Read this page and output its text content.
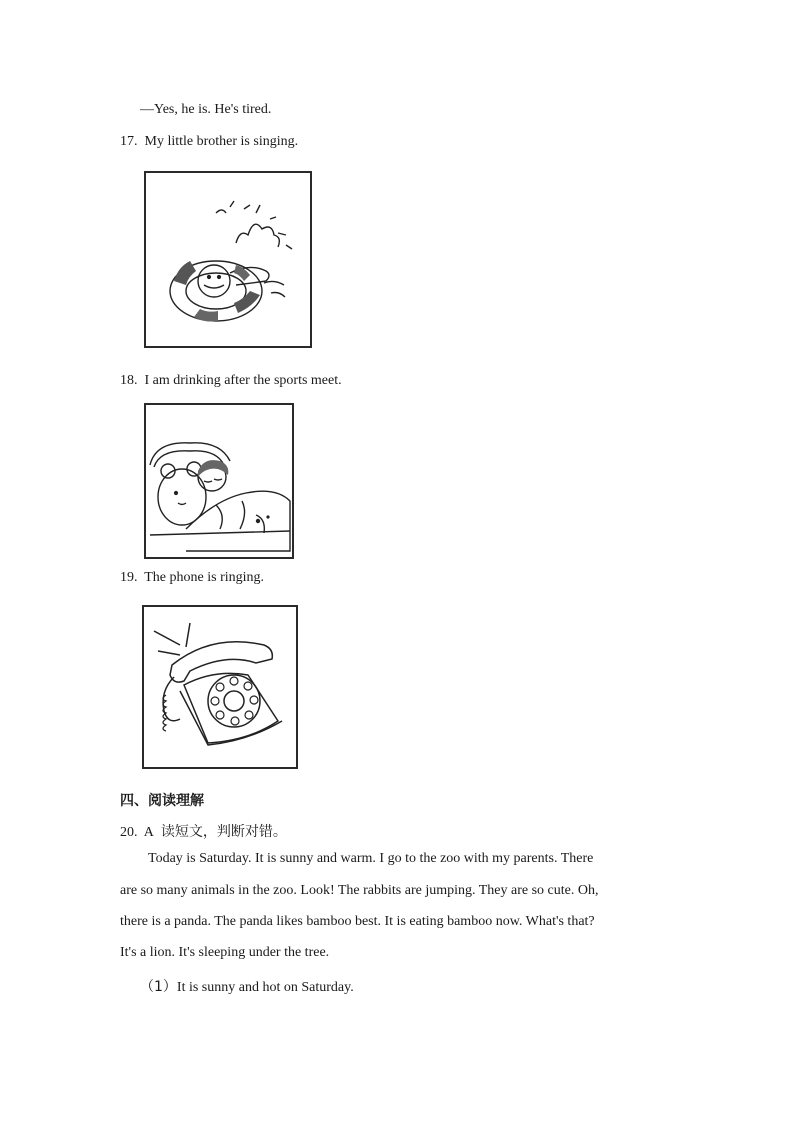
—Yes, he is. He's tired.
17. My little brother is singing.
18. I am drinking after the sports meet.
19. The phone is ringing.
四、阅读理解
20. A 读短文，判断对错。
Today is Saturday. It is sunny and warm. I go to the zoo with my parents. There
are so many animals in the zoo. Look! The rabbits are jumping. They are so cute. Oh,
there is a panda. The panda likes bamboo best. It is eating bamboo now. What's that?
It's a lion. It's sleeping under the tree.
（1）It is sunny and hot on Saturday.
